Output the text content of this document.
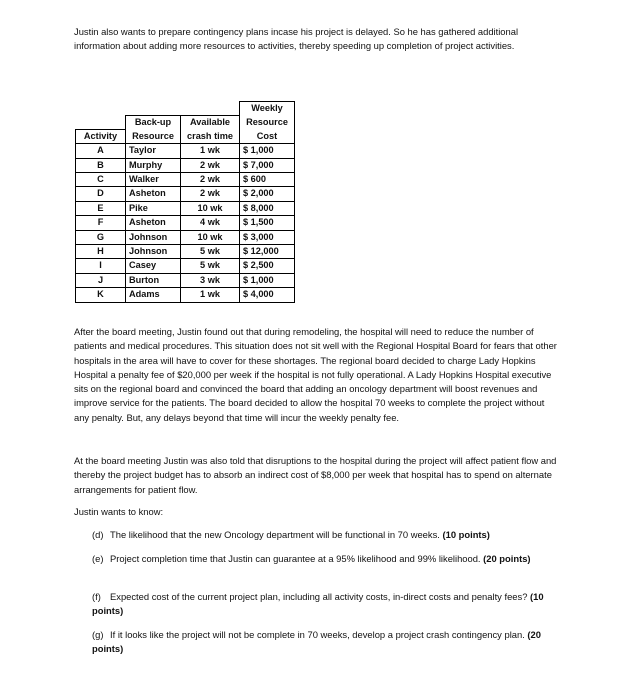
Justin also wants to prepare contingency plans incase his project is delayed. So he has gathered additional information about adding more resources to activities, thereby speeding up completion of project activities.

			Weekly
	Back-up	Available	Resource
Activity	Resource	crash time	Cost
A	Taylor	1 wk	$ 1,000
B	Murphy	2 wk	$ 7,000
C	Walker	2 wk	$ 600
D	Asheton	2 wk	$ 2,000
E	Pike	10 wk	$ 8,000
F	Asheton	4 wk	$ 1,500
G	Johnson	10 wk	$ 3,000
H	Johnson	5 wk	$ 12,000
I	Casey	5 wk	$ 2,500
J	Burton	3 wk	$ 1,000
K	Adams	1 wk	$ 4,000

After the board meeting, Justin found out that during remodeling, the hospital will need to reduce the number of patients and medical procedures. This situation does not sit well with the Regional Hospital Board for fears that other hospitals in the area will have to cover for these shortages. The regional board decided to charge Lady Hopkins Hospital a penalty fee of $20,000 per week if the hospital is not fully operational. A Lady Hopkins Hospital executive sits on the regional board and convinced the board that adding an oncology department will boost revenues and improve service for the patients. The board decided to allow the hospital 70 weeks to complete the project without any penalty. But, any delays beyond that time will incur the weekly penalty fee.

At the board meeting Justin was also told that disruptions to the hospital during the project will affect patient flow and thereby the project budget has to absorb an indirect cost of $8,000 per week that hospital has to spend on alternate arrangements for patient flow.

Justin wants to know:

(d) The likelihood that the new Oncology department will be functional in 70 weeks. (10 points)
(e) Project completion time that Justin can guarantee at a 95% likelihood and 99% likelihood. (20 points)
(f) Expected cost of the current project plan, including all activity costs, in-direct costs and penalty fees? (10 points)
(g) If it looks like the project will not be complete in 70 weeks, develop a project crash contingency plan. (20 points)
